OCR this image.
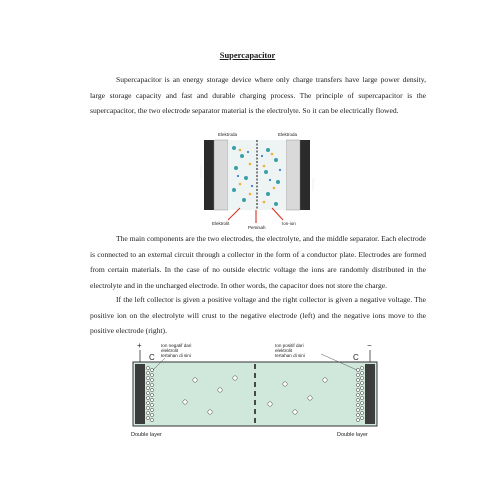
Supercapacitor

Supercapacitor is an energy storage device where only charge transfers have large power density, large storage capacity and fast and durable charging process. The principle of supercapacitor is the supercapacitor, the two electrode separator material is the electrolyte. So it can be electrically flowed.

Elektroda	Elektroda
Kolektor
Kolektor
Elektrolit
Pemisah
Ion-ion

The main components are the two electrodes, the electrolyte, and the middle separator. Each electrode is connected to an external circuit through a collector in the form of a conductor plate. Electrodes are formed from certain materials. In the case of no outside electric voltage the ions are randomly distributed in the electrolyte and in the uncharged electrode. In other words, the capacitor does not store the charge.

If the left collector is given a positive voltage and the right collector is given a negative voltage. The positive ion on the electrolyte will crust to the negative electrode (left) and the negative ions move to the positive electrode (right).

+	−
C	C
Ion negatif dari
elektrolit
tertahan di sini
Ion positif dari
elektrolit
tertahan di sini
Double layer	Double layer
